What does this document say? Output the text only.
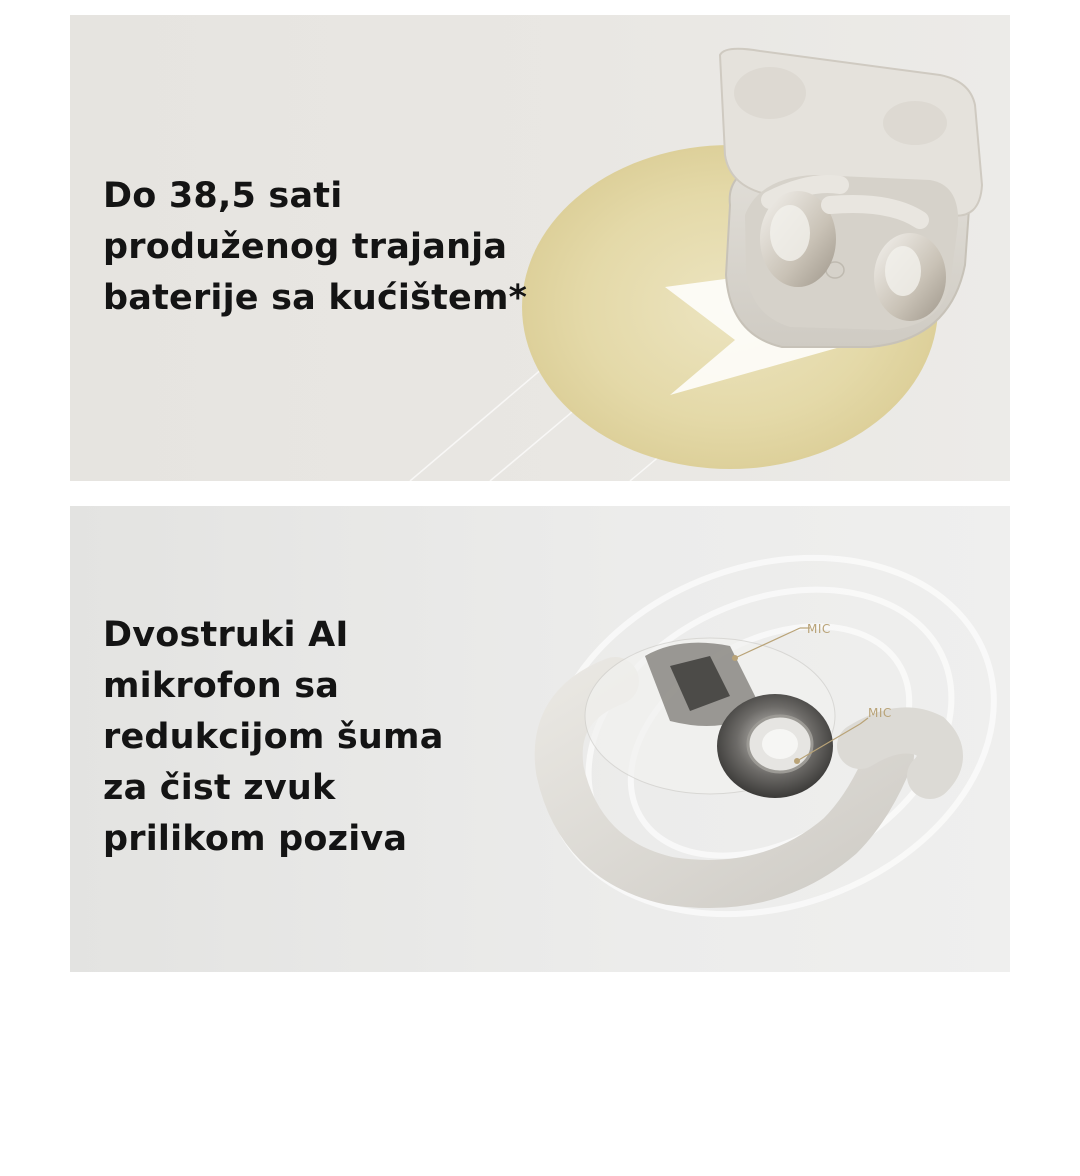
Do 38,5 sati
produženog trajanja
baterije sa kućištem*
MIC
MIC
Dvostruki AI
mikrofon sa
redukcijom šuma
za čist zvuk
prilikom poziva
